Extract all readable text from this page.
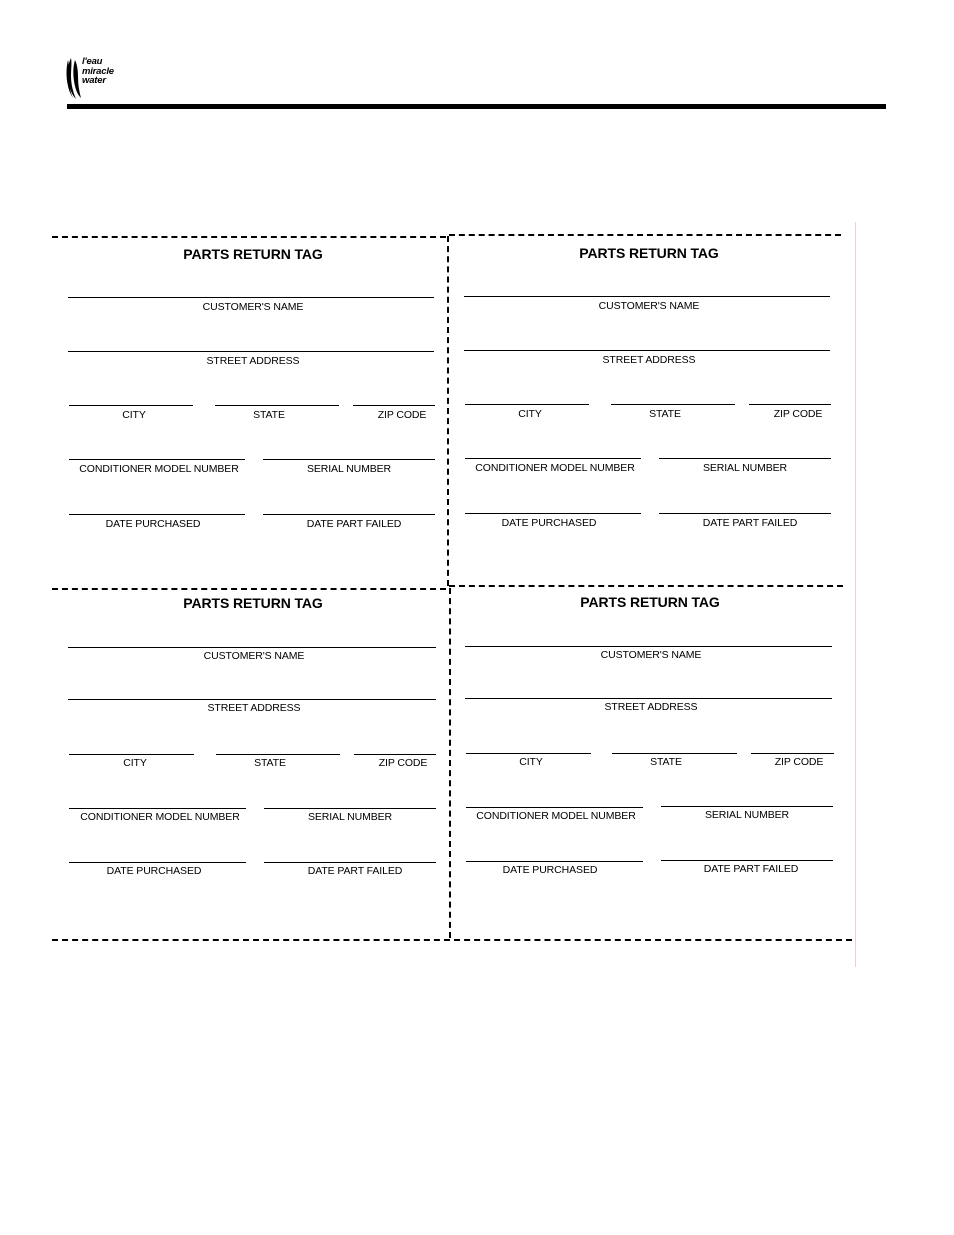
l'eau
miracle
water
PARTS RETURN TAG
CUSTOMER'S NAME
STREET ADDRESS
CITY	STATE	ZIP CODE
CONDITIONER MODEL NUMBER	SERIAL NUMBER
DATE PURCHASED	DATE PART FAILED
PARTS RETURN TAG
CUSTOMER'S NAME
STREET ADDRESS
CITY	STATE	ZIP CODE
CONDITIONER MODEL NUMBER	SERIAL NUMBER
DATE PURCHASED	DATE PART FAILED
PARTS RETURN TAG
CUSTOMER'S NAME
STREET ADDRESS
CITY	STATE	ZIP CODE
CONDITIONER MODEL NUMBER	SERIAL NUMBER
DATE PURCHASED	DATE PART FAILED
PARTS RETURN TAG
CUSTOMER'S NAME
STREET ADDRESS
CITY	STATE	ZIP CODE
CONDITIONER MODEL NUMBER	SERIAL NUMBER
DATE PURCHASED	DATE PART FAILED
